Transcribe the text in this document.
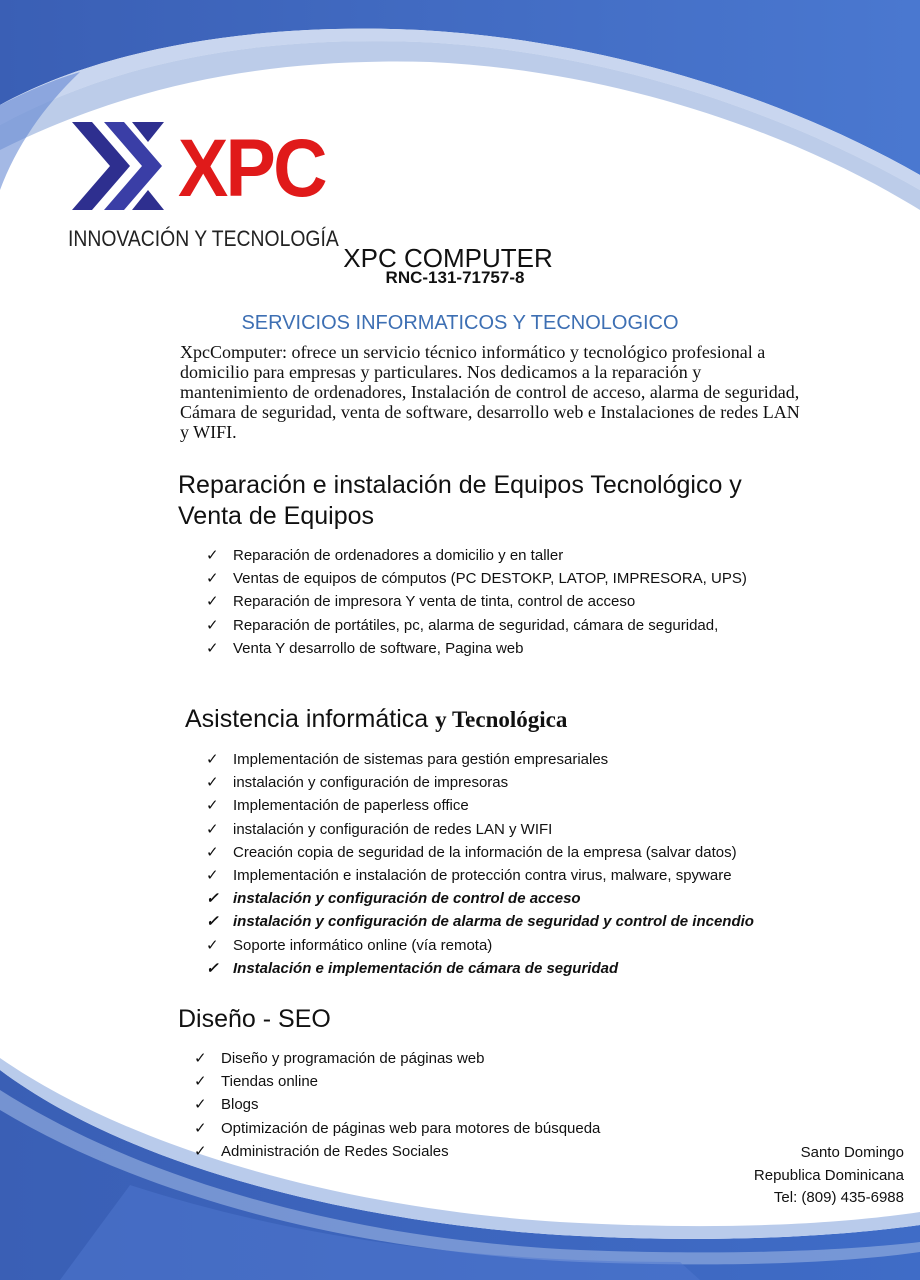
XPC
INNOVACIÓN Y TECNOLOGÍA
XPC COMPUTER
RNC-131-71757-8
SERVICIOS INFORMATICOS Y TECNOLOGICO
XpcComputer: ofrece un servicio técnico informático y tecnológico profesional a domicilio para empresas y particulares. Nos dedicamos a la reparación y mantenimiento de ordenadores, Instalación de control de acceso, alarma de seguridad, Cámara de seguridad, venta de software, desarrollo web e Instalaciones de redes LAN y WIFI.
Reparación e instalación de Equipos Tecnológico y Venta de Equipos
✓ Reparación de ordenadores a domicilio y en taller
✓ Ventas de equipos de cómputos (PC DESTOKP, LATOP, IMPRESORA, UPS)
✓ Reparación de impresora Y venta de tinta, control de acceso
✓ Reparación de portátiles, pc, alarma de seguridad, cámara de seguridad,
✓ Venta Y desarrollo de software, Pagina web
Asistencia informática y Tecnológica
✓ Implementación de sistemas para gestión empresariales
✓ instalación y configuración de impresoras
✓ Implementación de paperless office
✓ instalación y configuración de redes LAN y WIFI
✓ Creación copia de seguridad de la información de la empresa (salvar datos)
✓ Implementación e instalación de protección contra virus, malware, spyware
✓ instalación y configuración de control de acceso
✓ instalación y configuración de alarma de seguridad y control de incendio
✓ Soporte informático online (vía remota)
✓ Instalación e implementación de cámara de seguridad
Diseño - SEO
✓ Diseño y programación de páginas web
✓ Tiendas online
✓ Blogs
✓ Optimización de páginas web para motores de búsqueda
✓ Administración de Redes Sociales	Santo Domingo
Republica Dominicana
Tel: (809) 435-6988
